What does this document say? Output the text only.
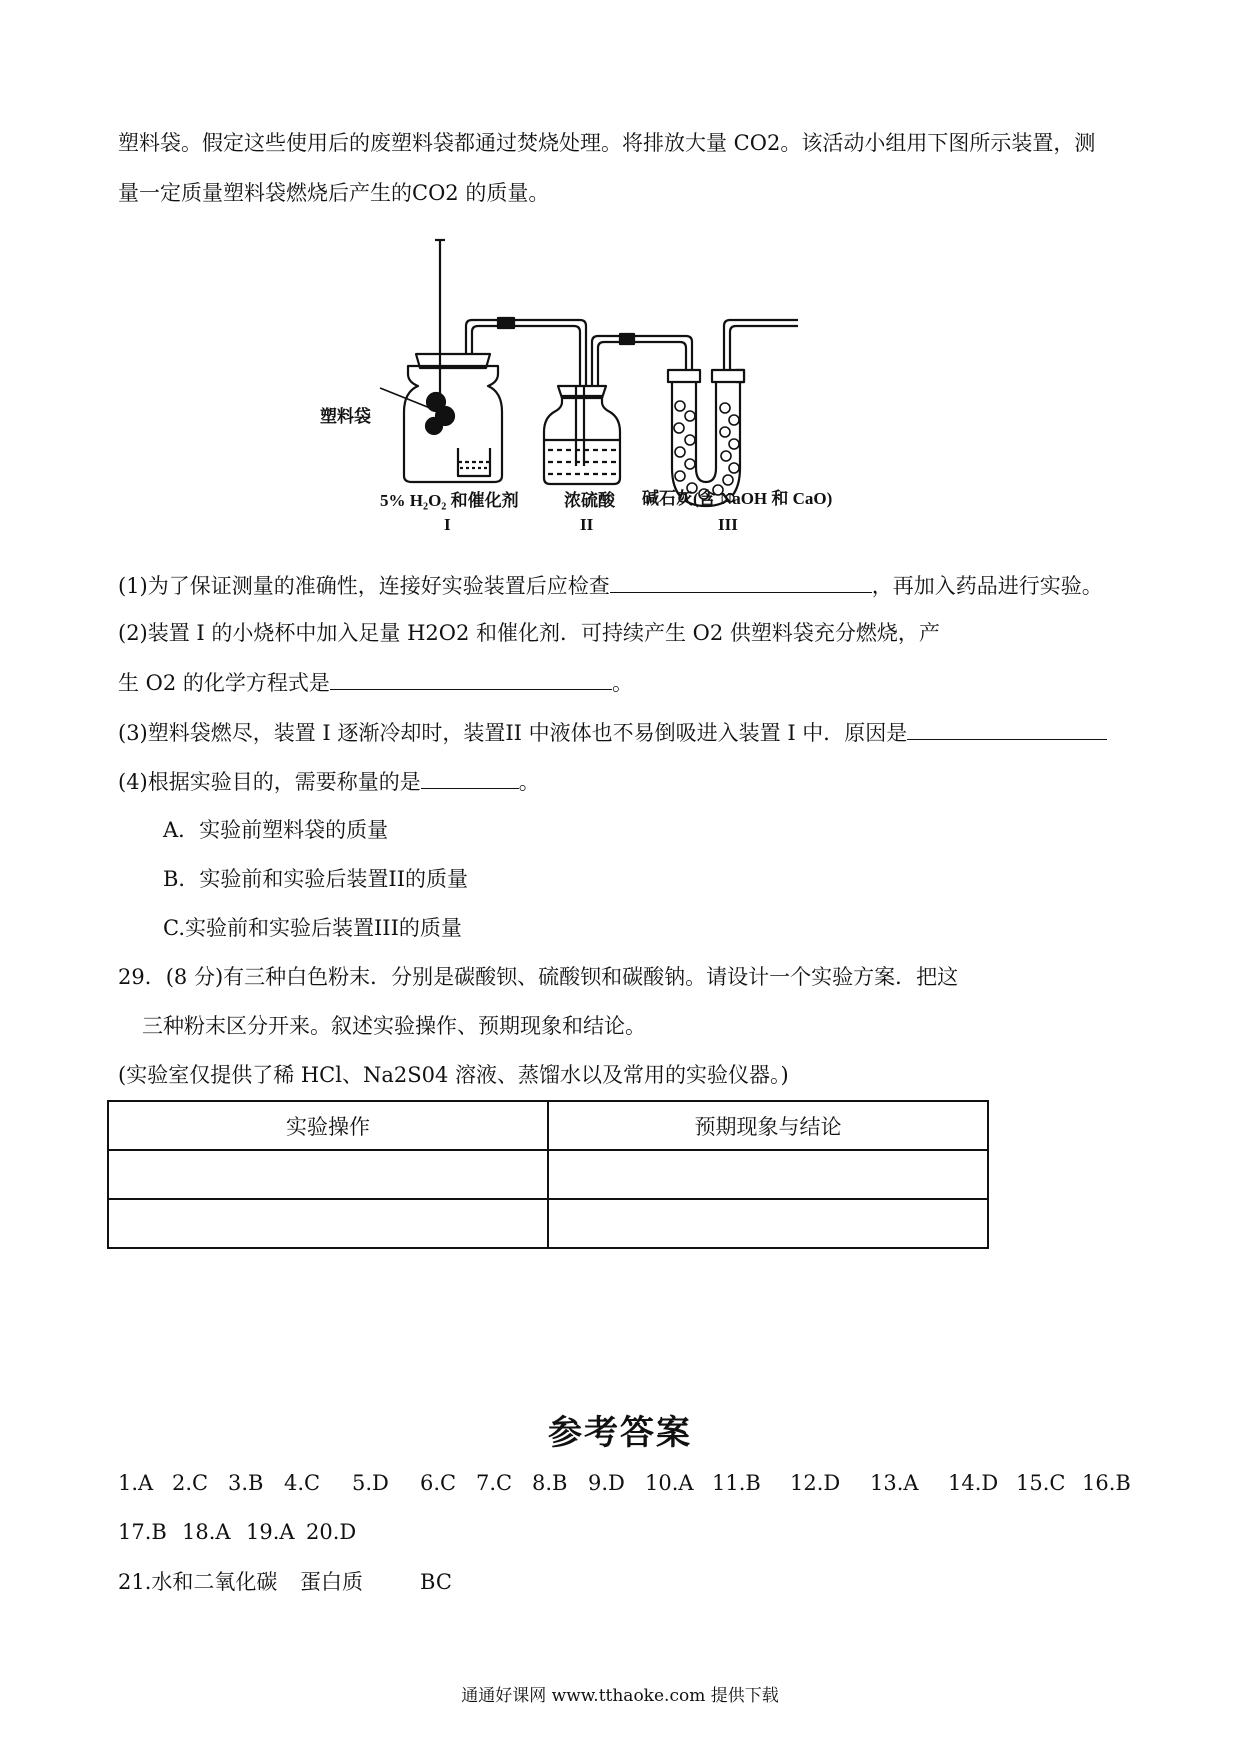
塑料袋。假定这些使用后的废塑料袋都通过焚烧处理。将排放大量 CO2。该活动小组用下图所示装置，测
量一定质量塑料袋燃烧后产生的CO2 的质量。
塑料袋
5% H₂O₂ 和催化剂	浓硫酸 碱石灰(含 NaOH 和 CaO)
I	II	III
(1)为了保证测量的准确性，连接好实验装置后应检查	，再加入药品进行实验。
(2)装置 I 的小烧杯中加入足量 H2O2 和催化剂．可持续产生 O2 供塑料袋充分燃烧，产
生 O2 的化学方程式是	。
(3)塑料袋燃尽，装置 I 逐渐冷却时，装置II 中液体也不易倒吸进入装置 I 中．原因是
(4)根据实验目的，需要称量的是	。
A．实验前塑料袋的质量
B．实验前和实验后装置II的质量
C.实验前和实验后装置III的质量
29．(8 分)有三种白色粉末．分别是碳酸钡、硫酸钡和碳酸钠。请设计一个实验方案．把这
三种粉末区分开来。叙述实验操作、预期现象和结论。
(实验室仅提供了稀 HCl、Na2S04 溶液、蒸馏水以及常用的实验仪器。)
实验操作	预期现象与结论

参考答案
1.A 2.C 3.B 4.C 5.D 6.C 7.C 8.B 9.D 10.A 11.B 12.D 13.A 14.D 15.C 16.B
17.B 18.A 19.A 20.D
21.水和二氧化碳 蛋白质	BC
通通好课网 www.tthaoke.com 提供下载
